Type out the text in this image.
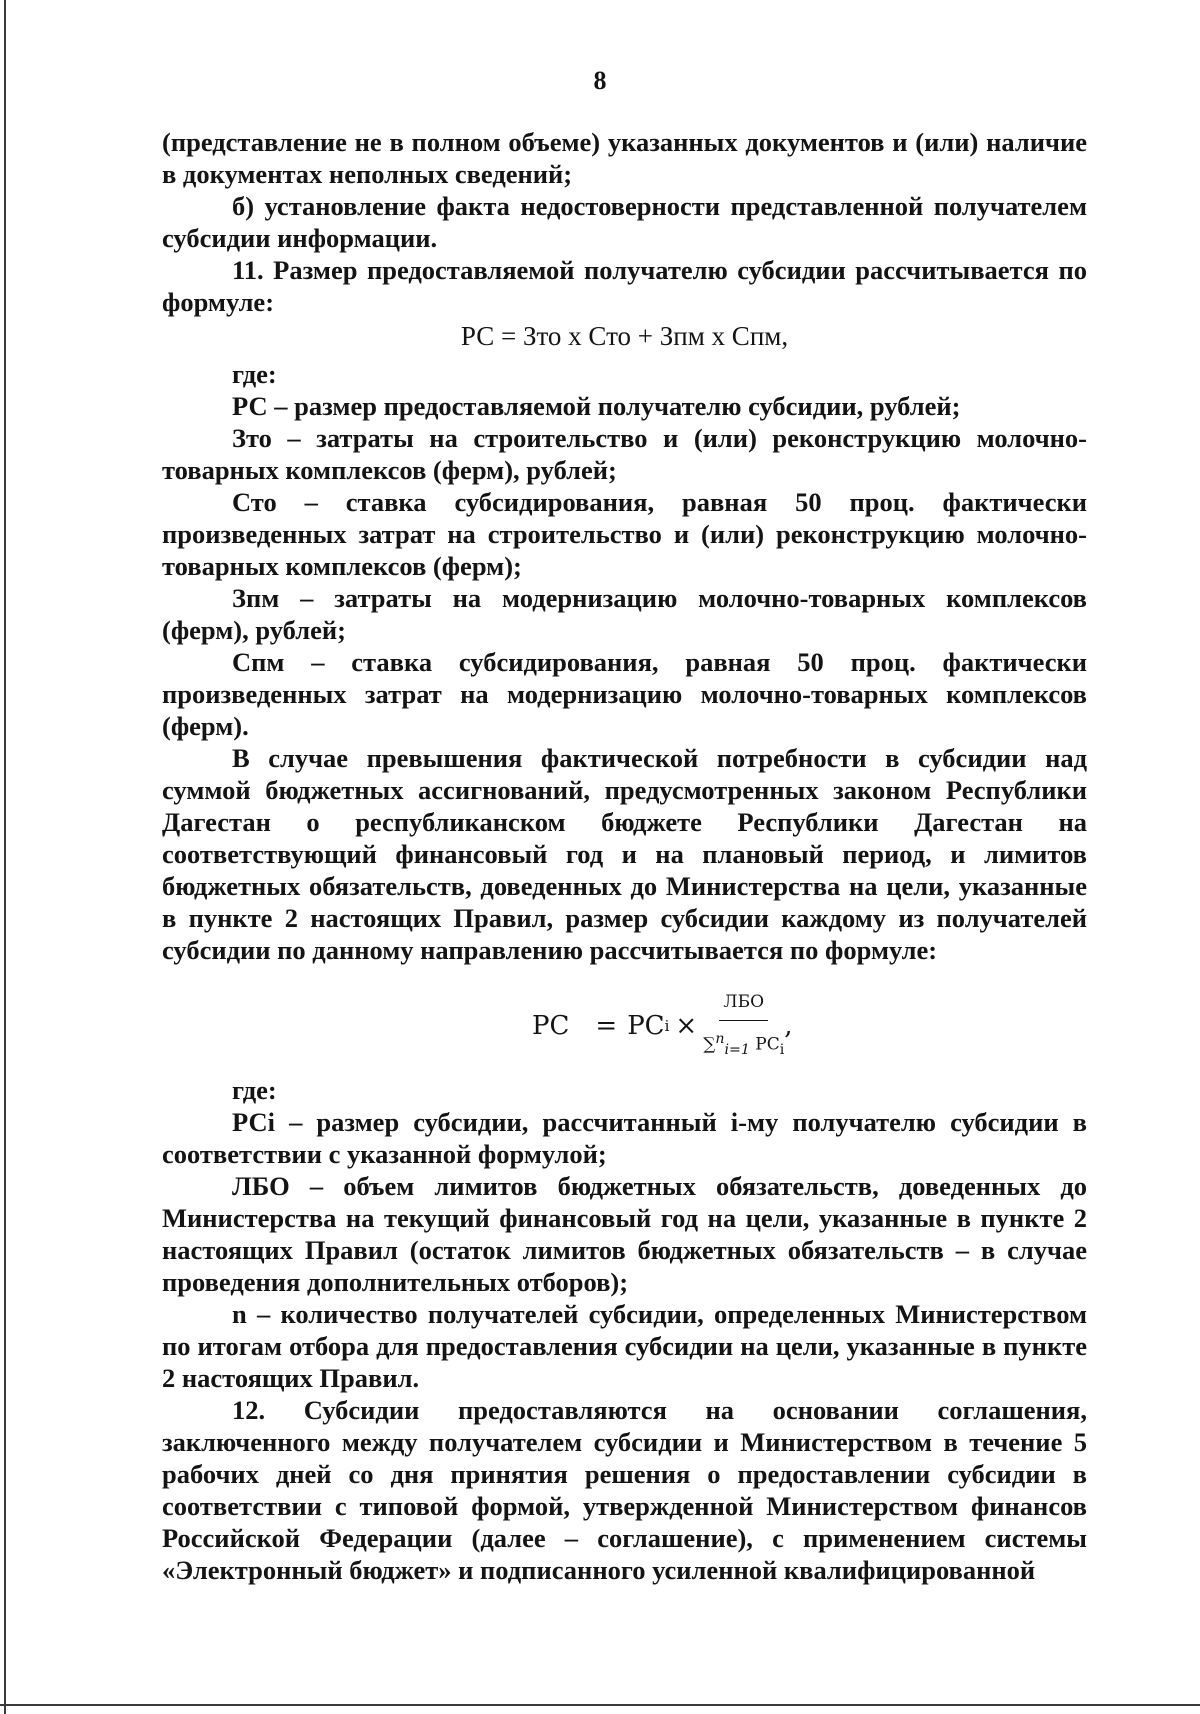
8

(представление не в полном объеме) указанных документов и (или) наличие в документах неполных сведений;

б) установление факта недостоверности представленной получателем субсидии информации.

11. Размер предоставляемой получателю субсидии рассчитывается по формуле:

РС = Зто х Сто + Зпм х Спм,

где:

РС – размер предоставляемой получателю субсидии, рублей;

Зто – затраты на строительство и (или) реконструкцию молочно-товарных комплексов (ферм), рублей;

Сто – ставка субсидирования, равная 50 проц. фактически произведенных затрат на строительство и (или) реконструкцию молочно-товарных комплексов (ферм);

Зпм – затраты на модернизацию молочно-товарных комплексов (ферм), рублей;

Спм – ставка субсидирования, равная 50 проц. фактически произведенных затрат на модернизацию молочно-товарных комплексов (ферм).

В случае превышения фактической потребности в субсидии над суммой бюджетных ассигнований, предусмотренных законом Республики Дагестан о республиканском бюджете Республики Дагестан на соответствующий финансовый год и на плановый период, и лимитов бюджетных обязательств, доведенных до Министерства на цели, указанные в пункте 2 настоящих Правил, размер субсидии каждому из получателей субсидии по данному направлению рассчитывается по формуле:

РС = РС $i \times \frac{\text{ЛБО}}{\sum^n_{i=1} РС_i}$ ,

где:

РСi – размер субсидии, рассчитанный i-му получателю субсидии в соответствии с указанной формулой;

ЛБО – объем лимитов бюджетных обязательств, доведенных до Министерства на текущий финансовый год на цели, указанные в пункте 2 настоящих Правил (остаток лимитов бюджетных обязательств – в случае проведения дополнительных отборов);

n – количество получателей субсидии, определенных Министерством по итогам отбора для предоставления субсидии на цели, указанные в пункте 2 настоящих Правил.

12. Субсидии предоставляются на основании соглашения, заключенного между получателем субсидии и Министерством в течение 5 рабочих дней со дня принятия решения о предоставлении субсидии в соответствии с типовой формой, утвержденной Министерством финансов Российской Федерации (далее – соглашение), с применением системы «Электронный бюджет» и подписанного усиленной квалифицированной
